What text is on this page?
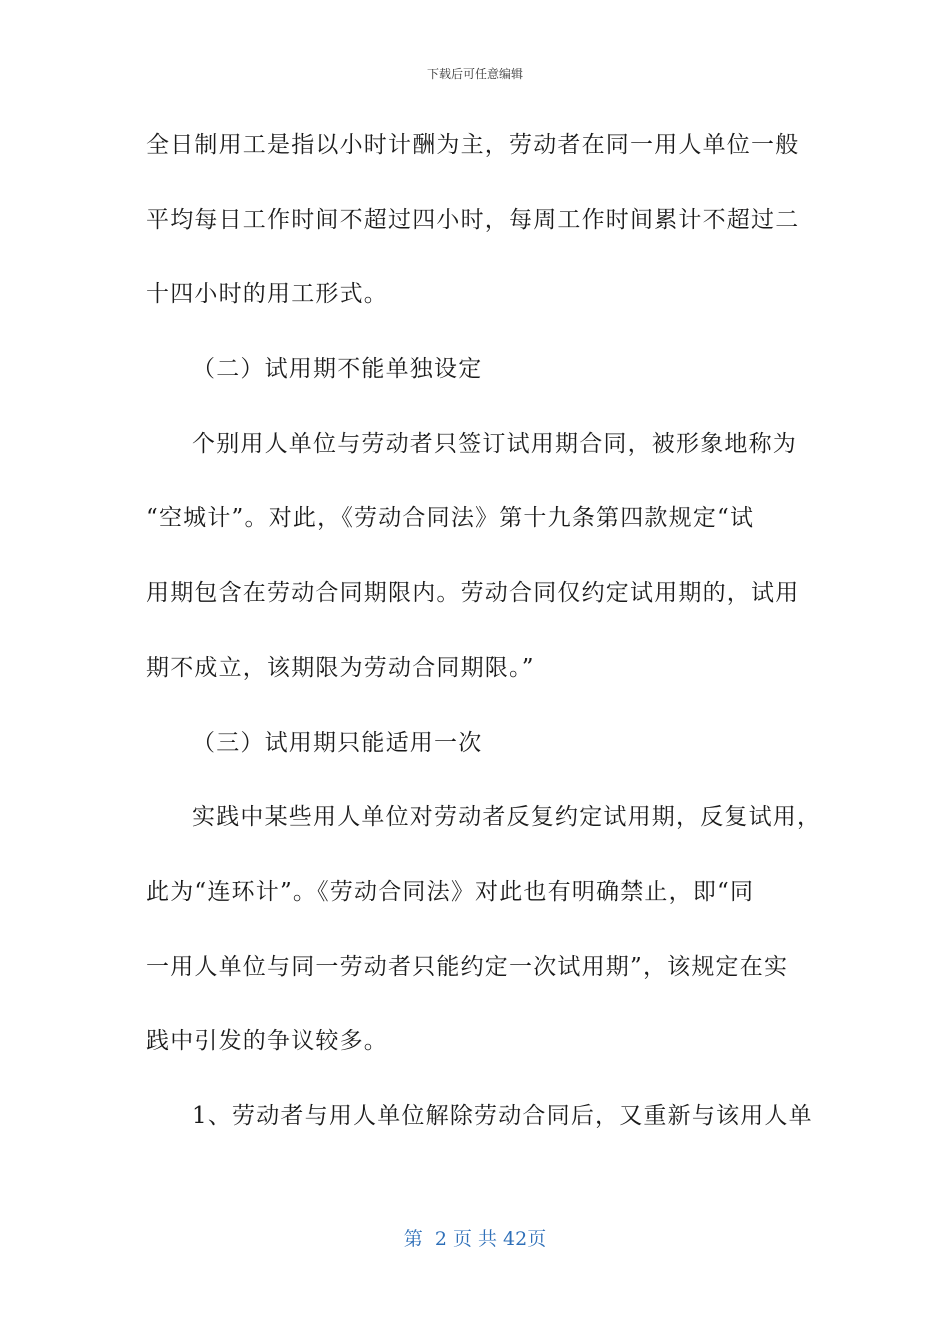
下载后可任意编辑
全日制用工是指以小时计酬为主，劳动者在同一用人单位一般
平均每日工作时间不超过四小时，每周工作时间累计不超过二
十四小时的用工形式。
（二）试用期不能单独设定
个别用人单位与劳动者只签订试用期合同，被形象地称为
“空城计”。对此，《劳动合同法》第十九条第四款规定“试
用期包含在劳动合同期限内。劳动合同仅约定试用期的，试用
期不成立，该期限为劳动合同期限。”
（三）试用期只能适用一次
实践中某些用人单位对劳动者反复约定试用期，反复试用，
此为“连环计”。《劳动合同法》对此也有明确禁止，即“同
一用人单位与同一劳动者只能约定一次试用期”，该规定在实
践中引发的争议较多。
1、劳动者与用人单位解除劳动合同后，又重新与该用人单
第  2 页 共 42页
